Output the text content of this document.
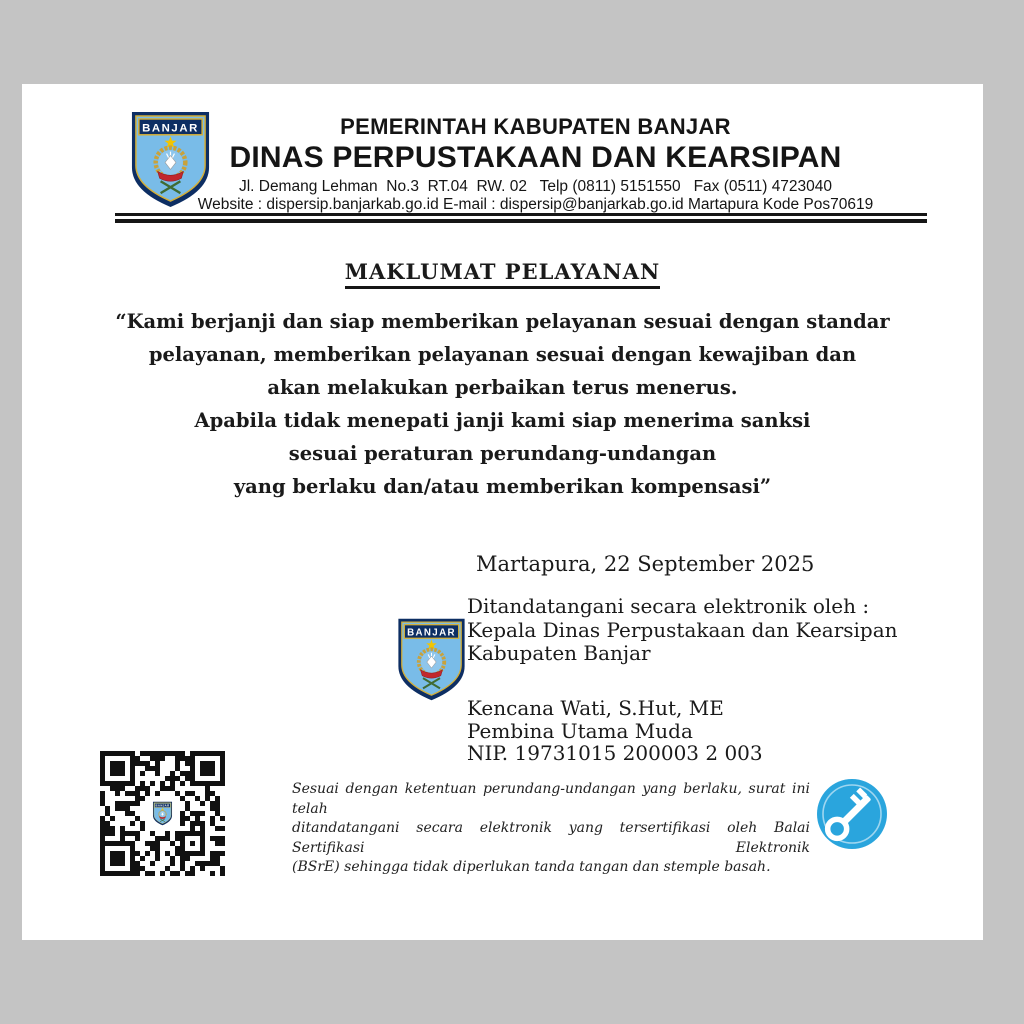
PEMERINTAH KABUPATEN BANJAR
DINAS PERPUSTAKAAN DAN KEARSIPAN
Jl. Demang Lehman  No.3  RT.04  RW. 02   Telp (0811) 5151550   Fax (0511) 4723040
Website : dispersip.banjarkab.go.id E-mail : dispersip@banjarkab.go.id Martapura Kode Pos70619
MAKLUMAT PELAYANAN
“Kami berjanji dan siap memberikan pelayanan sesuai dengan standar
pelayanan, memberikan pelayanan sesuai dengan kewajiban dan
akan melakukan perbaikan terus menerus.
Apabila tidak menepati janji kami siap menerima sanksi
sesuai peraturan perundang-undangan
yang berlaku dan/atau memberikan kompensasi”
Martapura, 22 September 2025
Ditandatangani secara elektronik oleh :
Kepala Dinas Perpustakaan dan Kearsipan
Kabupaten Banjar
Kencana Wati, S.Hut, ME
Pembina Utama Muda
NIP. 19731015 200003 2 003
Sesuai dengan ketentuan perundang-undangan yang berlaku, surat ini telah
ditandatangani secara elektronik yang tersertifikasi oleh Balai Sertifikasi Elektronik
(BSrE) sehingga tidak diperlukan tanda tangan dan stemple basah.
